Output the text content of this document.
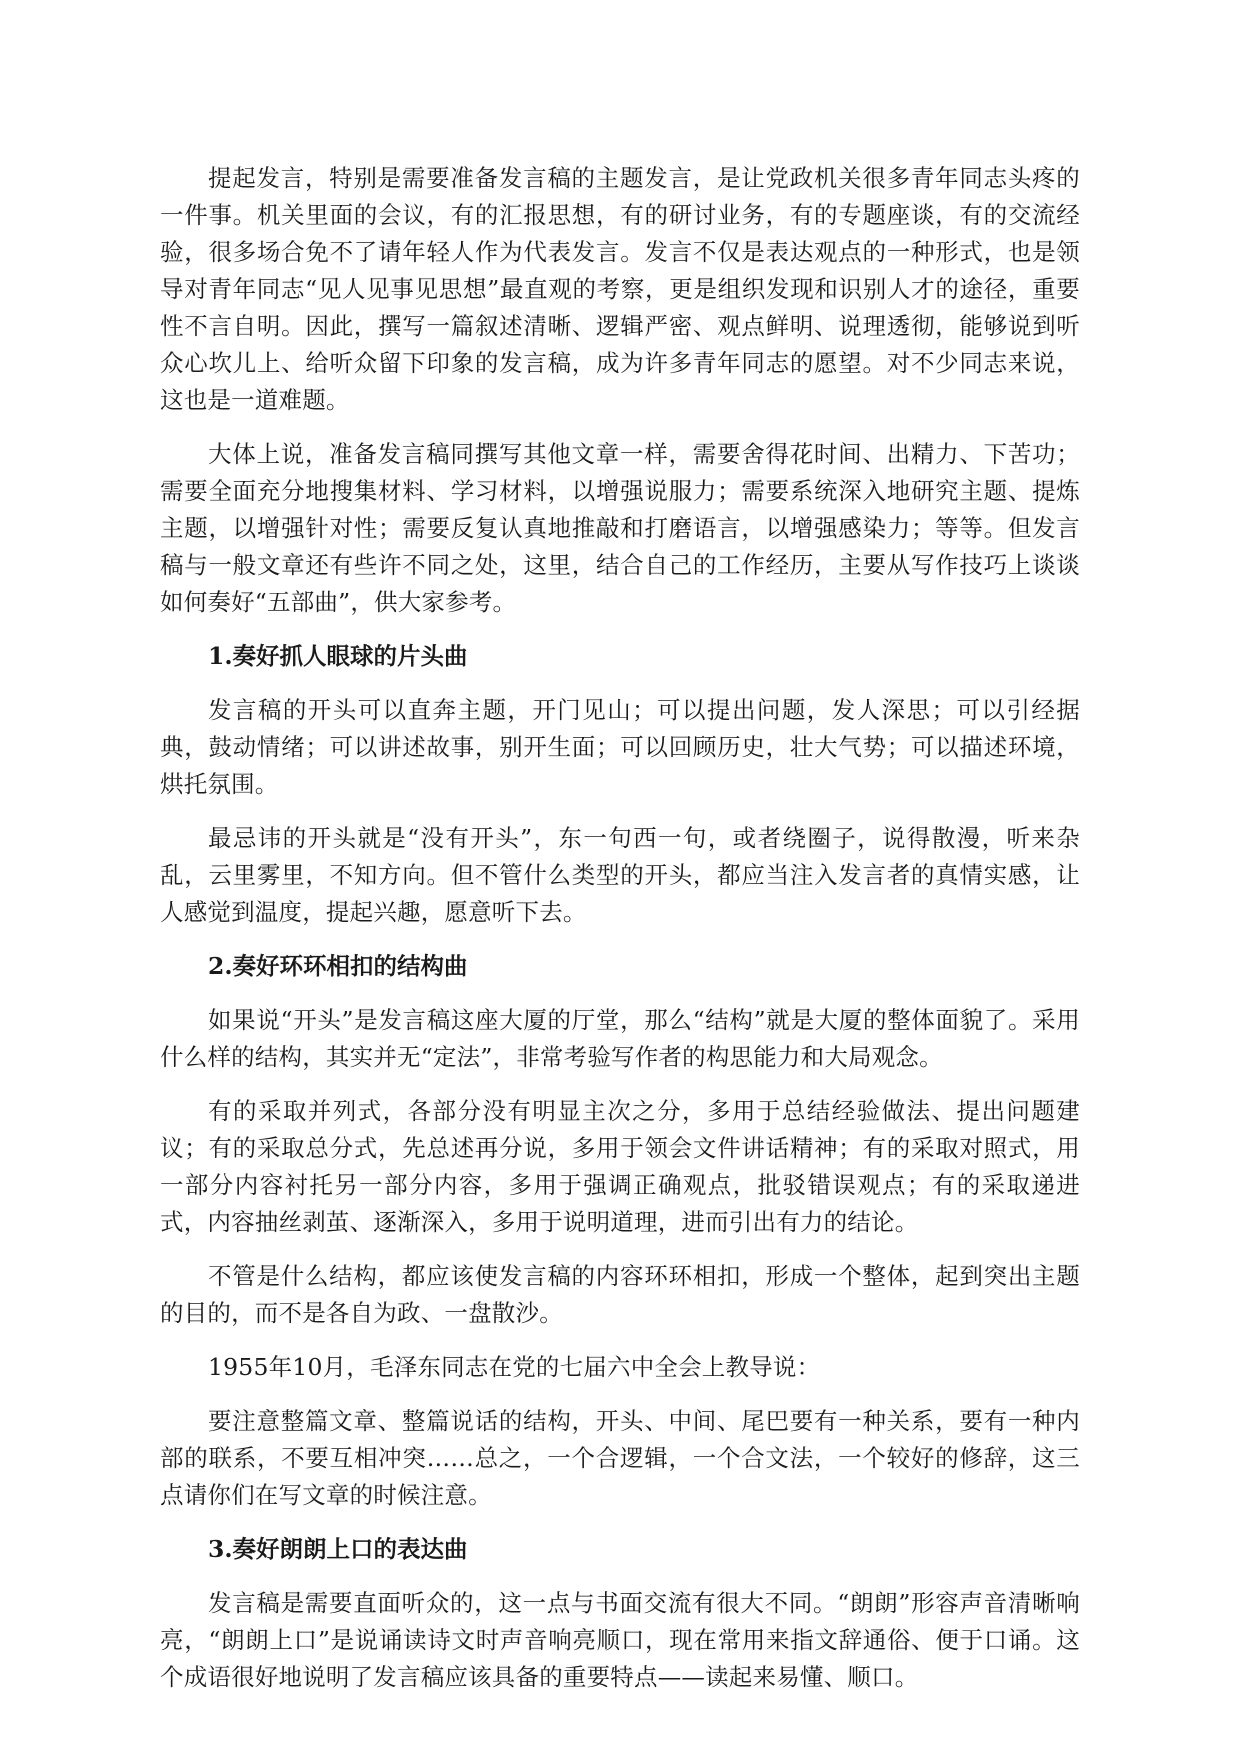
提起发言，特别是需要准备发言稿的主题发言，是让党政机关很多青年同志头疼的一件事。机关里面的会议，有的汇报思想，有的研讨业务，有的专题座谈，有的交流经验，很多场合免不了请年轻人作为代表发言。发言不仅是表达观点的一种形式，也是领导对青年同志“见人见事见思想”最直观的考察，更是组织发现和识别人才的途径，重要性不言自明。因此，撰写一篇叙述清晰、逻辑严密、观点鲜明、说理透彻，能够说到听众心坎儿上、给听众留下印象的发言稿，成为许多青年同志的愿望。对不少同志来说，这也是一道难题。

大体上说，准备发言稿同撰写其他文章一样，需要舍得花时间、出精力、下苦功；需要全面充分地搜集材料、学习材料，以增强说服力；需要系统深入地研究主题、提炼主题，以增强针对性；需要反复认真地推敲和打磨语言，以增强感染力；等等。但发言稿与一般文章还有些许不同之处，这里，结合自己的工作经历，主要从写作技巧上谈谈如何奏好“五部曲”，供大家参考。

1.奏好抓人眼球的片头曲

发言稿的开头可以直奔主题，开门见山；可以提出问题，发人深思；可以引经据典，鼓动情绪；可以讲述故事，别开生面；可以回顾历史，壮大气势；可以描述环境，烘托氛围。

最忌讳的开头就是“没有开头”，东一句西一句，或者绕圈子，说得散漫，听来杂乱，云里雾里，不知方向。但不管什么类型的开头，都应当注入发言者的真情实感，让人感觉到温度，提起兴趣，愿意听下去。

2.奏好环环相扣的结构曲

如果说“开头”是发言稿这座大厦的厅堂，那么“结构”就是大厦的整体面貌了。采用什么样的结构，其实并无“定法”，非常考验写作者的构思能力和大局观念。

有的采取并列式，各部分没有明显主次之分，多用于总结经验做法、提出问题建议；有的采取总分式，先总述再分说，多用于领会文件讲话精神；有的采取对照式，用一部分内容衬托另一部分内容，多用于强调正确观点，批驳错误观点；有的采取递进式，内容抽丝剥茧、逐渐深入，多用于说明道理，进而引出有力的结论。

不管是什么结构，都应该使发言稿的内容环环相扣，形成一个整体，起到突出主题的目的，而不是各自为政、一盘散沙。

1955年10月，毛泽东同志在党的七届六中全会上教导说：

要注意整篇文章、整篇说话的结构，开头、中间、尾巴要有一种关系，要有一种内部的联系，不要互相冲突……总之，一个合逻辑，一个合文法，一个较好的修辞，这三点请你们在写文章的时候注意。

3.奏好朗朗上口的表达曲

发言稿是需要直面听众的，这一点与书面交流有很大不同。“朗朗”形容声音清晰响亮，“朗朗上口”是说诵读诗文时声音响亮顺口，现在常用来指文辞通俗、便于口诵。这个成语很好地说明了发言稿应该具备的重要特点——读起来易懂、顺口。
